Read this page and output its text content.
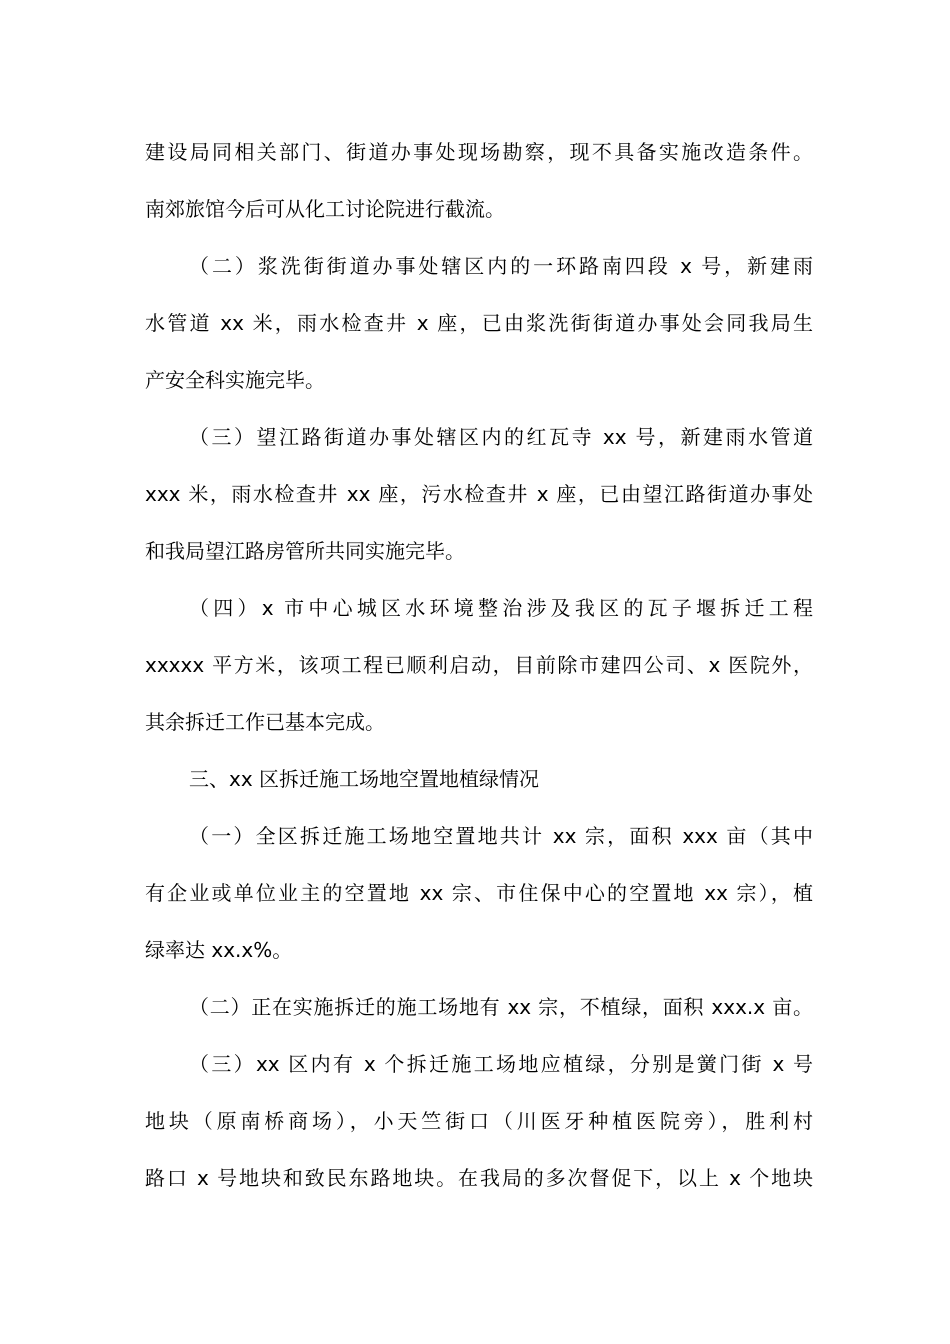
建设局同相关部门、街道办事处现场勘察，现不具备实施改造条件。
南郊旅馆今后可从化工讨论院进行截流。
（二）浆洗街街道办事处辖区内的一环路南四段 x 号，新建雨
水管道 xx 米，雨水检查井 x 座，已由浆洗街街道办事处会同我局生
产安全科实施完毕。
（三）望江路街道办事处辖区内的红瓦寺 xx 号，新建雨水管道
xxx 米，雨水检查井 xx 座，污水检查井 x 座，已由望江路街道办事处
和我局望江路房管所共同实施完毕。
（四）x 市中心城区水环境整治涉及我区的瓦子堰拆迁工程
xxxxx 平方米，该项工程已顺利启动，目前除市建四公司、x 医院外，
其余拆迁工作已基本完成。
三、xx 区拆迁施工场地空置地植绿情况
（一）全区拆迁施工场地空置地共计 xx 宗，面积 xxx 亩（其中
有企业或单位业主的空置地 xx 宗、市住保中心的空置地 xx 宗），植
绿率达 xx.x%。
（二）正在实施拆迁的施工场地有 xx 宗，不植绿，面积 xxx.x 亩。
（三）xx 区内有 x 个拆迁施工场地应植绿，分别是黉门街 x 号
地块（原南桥商场），小天竺街口（川医牙种植医院旁），胜利村
路口 x 号地块和致民东路地块。在我局的多次督促下，以上 x 个地块
